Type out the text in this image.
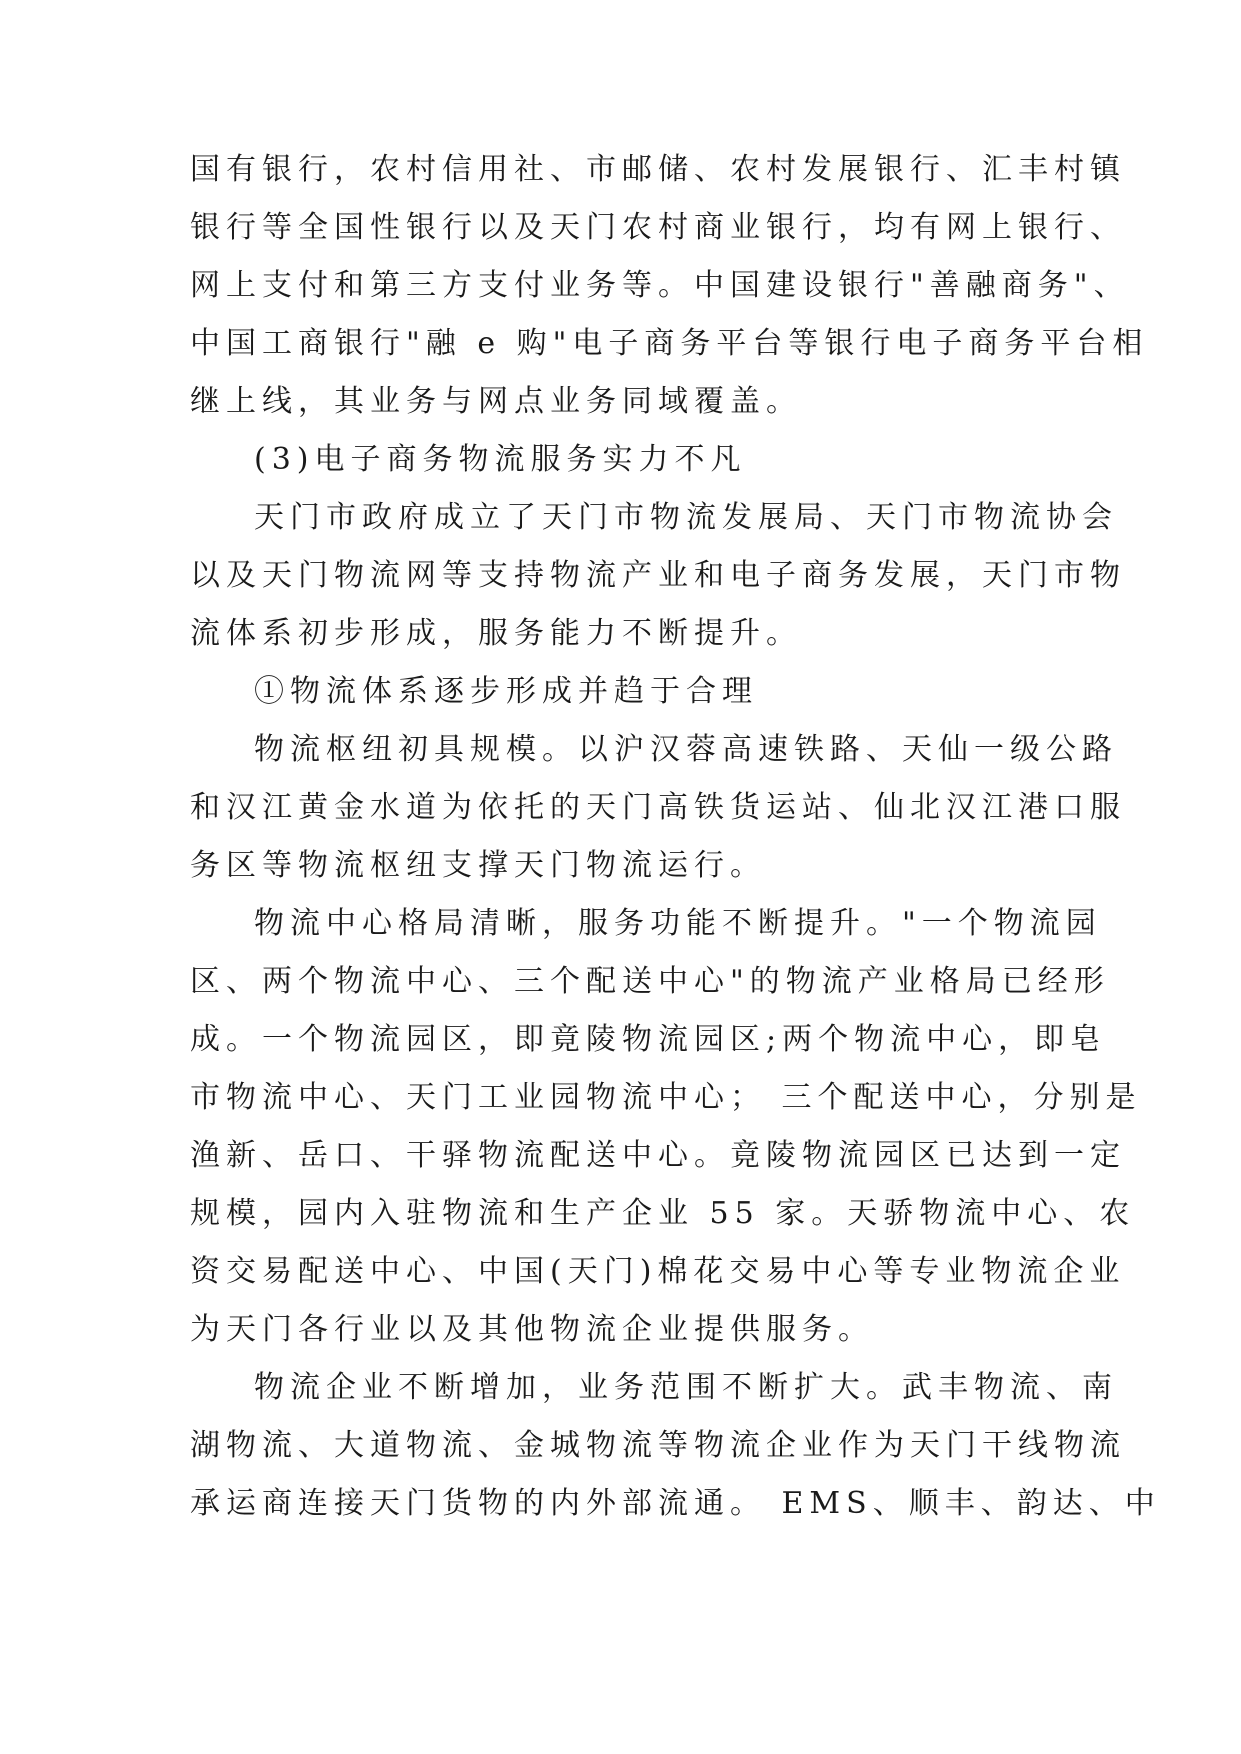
国有银行，农村信用社、市邮储、农村发展银行、汇丰村镇
银行等全国性银行以及天门农村商业银行，均有网上银行、
网上支付和第三方支付业务等。中国建设银行"善融商务"、
中国工商银行"融 e 购"电子商务平台等银行电子商务平台相
继上线，其业务与网点业务同域覆盖。
(3)电子商务物流服务实力不凡
天门市政府成立了天门市物流发展局、天门市物流协会
以及天门物流网等支持物流产业和电子商务发展，天门市物
流体系初步形成，服务能力不断提升。
①物流体系逐步形成并趋于合理
物流枢纽初具规模。以沪汉蓉高速铁路、天仙一级公路
和汉江黄金水道为依托的天门高铁货运站、仙北汉江港口服
务区等物流枢纽支撑天门物流运行。
物流中心格局清晰，服务功能不断提升。"一个物流园
区、两个物流中心、三个配送中心"的物流产业格局已经形
成。一个物流园区，即竟陵物流园区;两个物流中心，即皂
市物流中心、天门工业园物流中心； 三个配送中心，分别是
渔新、岳口、干驿物流配送中心。竟陵物流园区已达到一定
规模，园内入驻物流和生产企业 55 家。天骄物流中心、农
资交易配送中心、中国(天门)棉花交易中心等专业物流企业
为天门各行业以及其他物流企业提供服务。
物流企业不断增加，业务范围不断扩大。武丰物流、南
湖物流、大道物流、金城物流等物流企业作为天门干线物流
承运商连接天门货物的内外部流通。 EMS、顺丰、韵达、中
